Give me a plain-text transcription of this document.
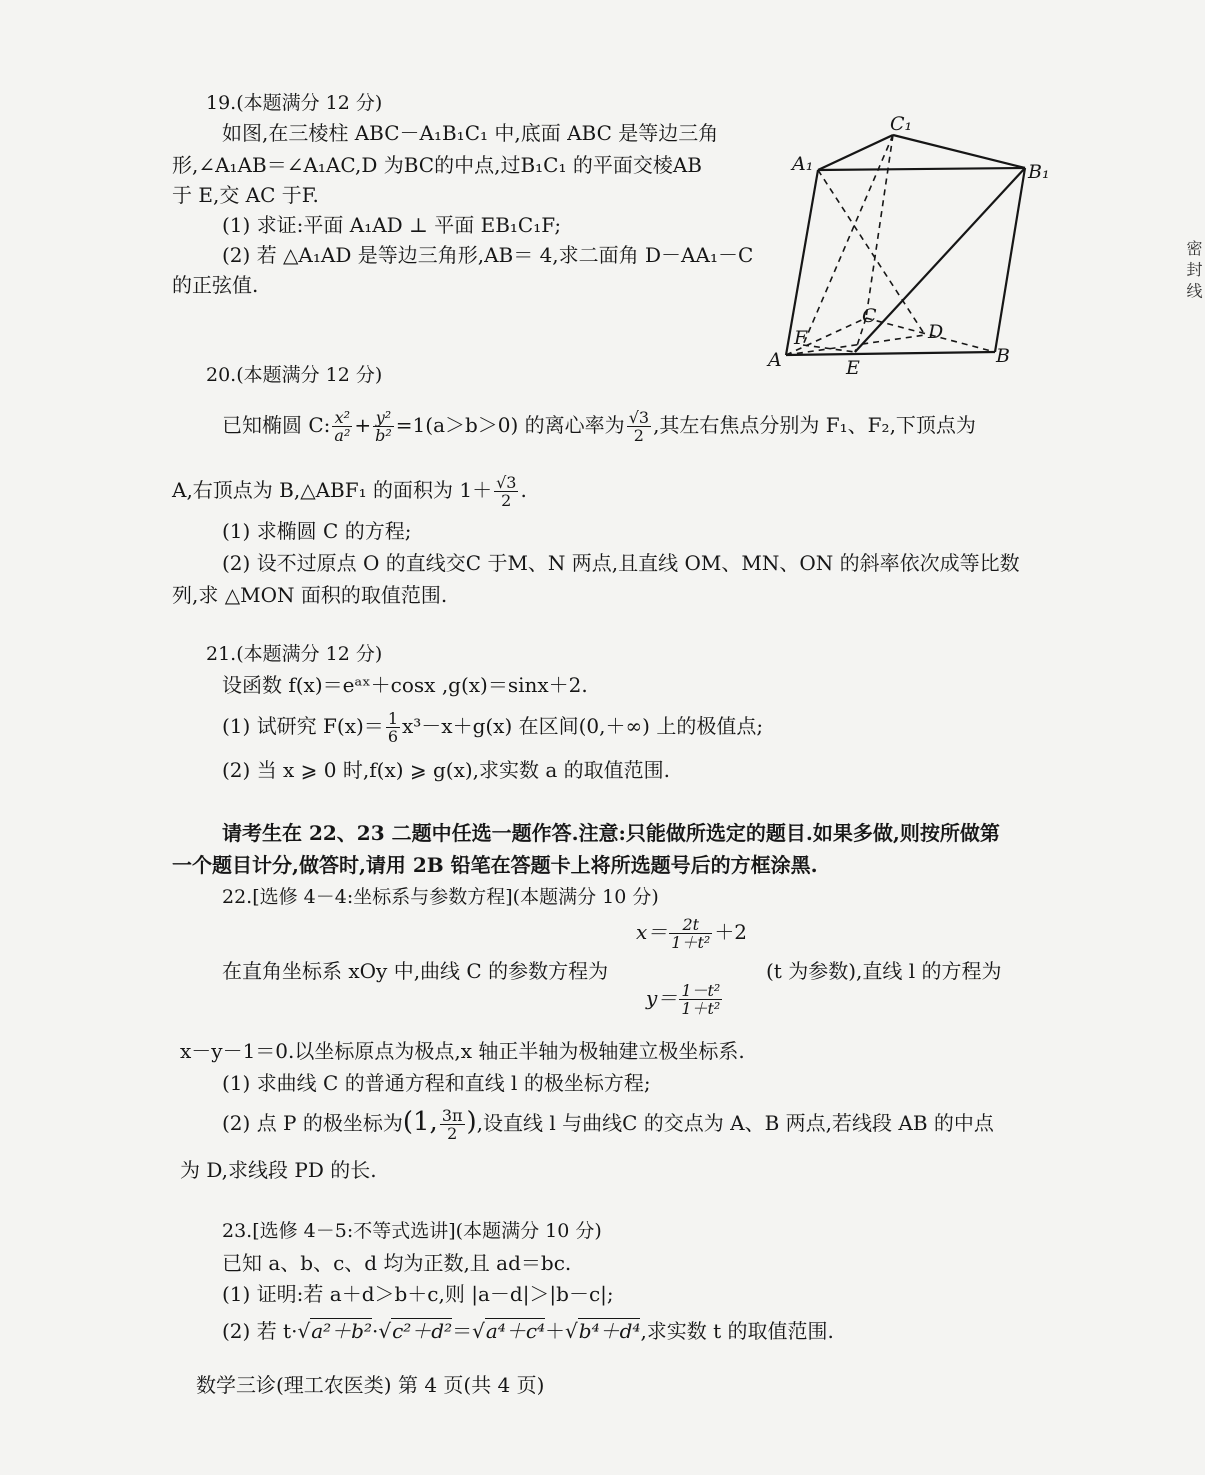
19.(本题满分 12 分)
如图,在三棱柱 ABC－A₁B₁C₁ 中,底面 ABC 是等边三角
形,∠A₁AB＝∠A₁AC,D 为BC的中点,过B₁C₁ 的平面交棱AB
于 E,交 AC 于F.
(1) 求证:平面 A₁AD ⊥ 平面 EB₁C₁F;
(2) 若 △A₁AD 是等边三角形,AB＝ 4,求二面角 D－AA₁－C
的正弦值.
C₁
A₁	B₁
C
D
F
A	E
B
20.(本题满分 12 分)
已知椭圆 C: $\frac{\text{x²}}{\text{a²}} + \frac{\text{y²}}{\text{b²}} =1(a>b>0)$ 的离心率为 $\frac{√3}{2}$ ,其左右焦点分别为 F₁、F₂,下顶点为
A,右顶点为 B,△ABF₁ 的面积为 $1+ \frac{√3}{2}$ .
(1) 求椭圆 C 的方程;
(2) 设不过原点 O 的直线交C 于M、N 两点,且直线 OM、MN、ON 的斜率依次成等比数
列,求 △MON 面积的取值范围.
21.(本题满分 12 分)
设函数 f(x)＝eᵃˣ＋cosx ,g(x)＝sinx＋2.
(1) 试研究 $F(x)= \frac{1}{6} x^3-x+g(x)$ 在区间(0,＋∞) 上的极值点;
(2) 当 x ⩾ 0 时,f(x) ⩾ g(x),求实数 a 的取值范围.
请考生在 22、23 二题中任选一题作答.注意:只能做所选定的题目.如果多做,则按所做第
一个题目计分,做答时,请用 2B 铅笔在答题卡上将所选题号后的方框涂黑.
22.[选修 4－4:坐标系与参数方程](本题满分 10 分)
$x= \frac{2t}{\text{1＋t²}} +2$
在直角坐标系 xOy 中,曲线 C 的参数方程为	(t 为参数),直线 l 的方程为
$y= \frac{\text{1－t²}}{\text{1＋t²}}$
x－y－1＝0.以坐标原点为极点,x 轴正半轴为极轴建立极坐标系.
(1) 求曲线 C 的普通方程和直线 l 的极坐标方程;
(2) 点 P 的极坐标为(1, $\frac{3\pi}{2}$ ),设直线 l 与曲线C 的交点为 A、B 两点,若线段 AB 的中点
为 D,求线段 PD 的长.
23.[选修 4－5:不等式选讲](本题满分 10 分)
已知 a、b、c、d 均为正数,且 ad＝bc.
(1) 证明:若 a＋d＞b＋c,则 |a－d|＞|b－c|;
(2) 若 t·√a²＋b²·√c²＋d²＝√a⁴＋c⁴＋√b⁴＋d⁴,求实数 t 的取值范围.
数学三诊(理工农医类) 第 4 页(共 4 页)
密 封 线
